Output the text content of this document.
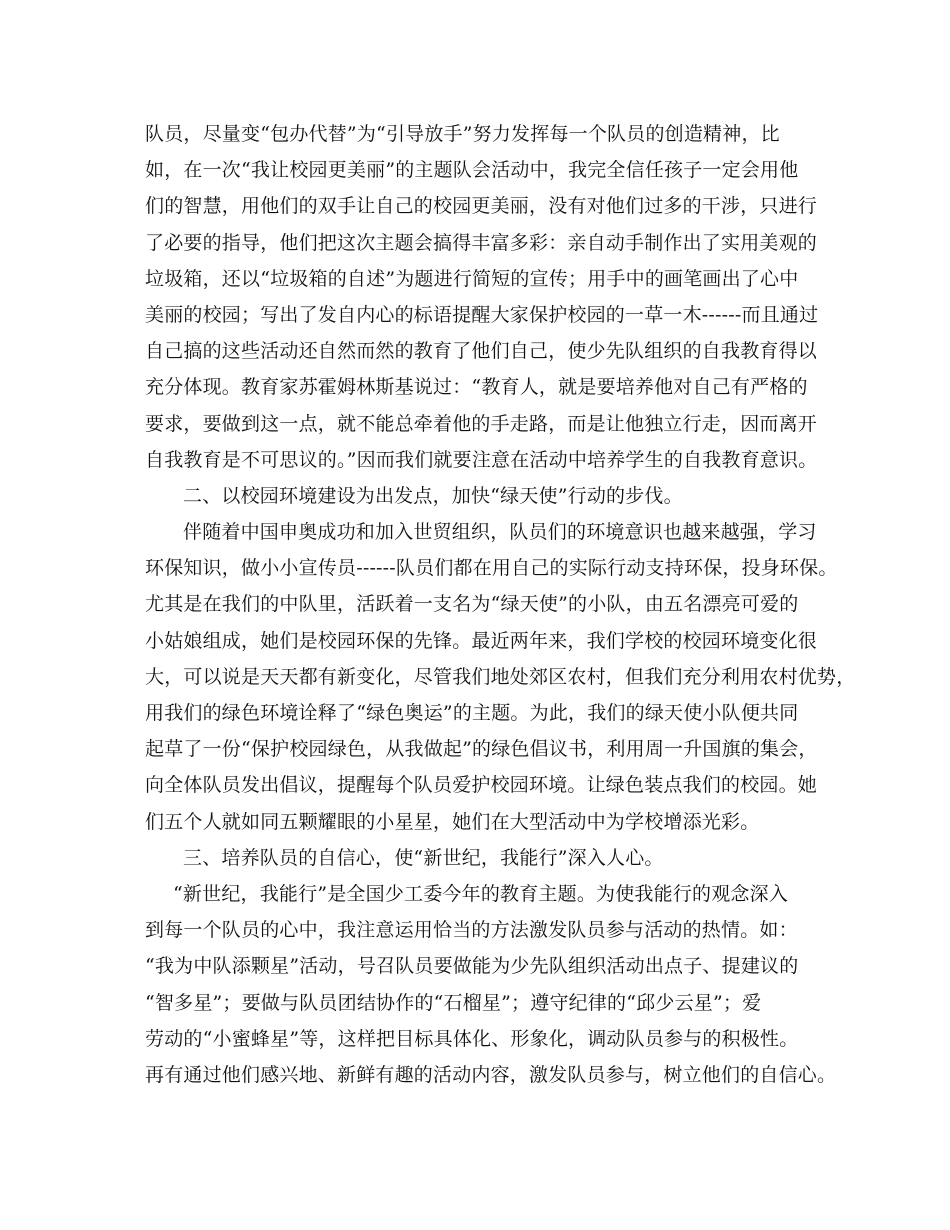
队员，尽量变“包办代替”为“引导放手”努力发挥每一个队员的创造精神，比
如，在一次“我让校园更美丽”的主题队会活动中，我完全信任孩子一定会用他
们的智慧，用他们的双手让自己的校园更美丽，没有对他们过多的干涉，只进行
了必要的指导，他们把这次主题会搞得丰富多彩：亲自动手制作出了实用美观的
垃圾箱，还以“垃圾箱的自述”为题进行简短的宣传；用手中的画笔画出了心中
美丽的校园；写出了发自内心的标语提醒大家保护校园的一草一木------而且通过
自己搞的这些活动还自然而然的教育了他们自己，使少先队组织的自我教育得以
充分体现。教育家苏霍姆林斯基说过：“教育人，就是要培养他对自己有严格的
要求，要做到这一点，就不能总牵着他的手走路，而是让他独立行走，因而离开
自我教育是不可思议的。”因而我们就要注意在活动中培养学生的自我教育意识。
二、以校园环境建设为出发点，加快“绿天使”行动的步伐。
伴随着中国申奥成功和加入世贸组织，队员们的环境意识也越来越强，学习
环保知识，做小小宣传员------队员们都在用自己的实际行动支持环保，投身环保。
尤其是在我们的中队里，活跃着一支名为“绿天使”的小队，由五名漂亮可爱的
小姑娘组成，她们是校园环保的先锋。最近两年来，我们学校的校园环境变化很
大，可以说是天天都有新变化，尽管我们地处郊区农村，但我们充分利用农村优势，
用我们的绿色环境诠释了“绿色奥运”的主题。为此，我们的绿天使小队便共同
起草了一份“保护校园绿色，从我做起”的绿色倡议书，利用周一升国旗的集会，
向全体队员发出倡议，提醒每个队员爱护校园环境。让绿色装点我们的校园。她
们五个人就如同五颗耀眼的小星星，她们在大型活动中为学校增添光彩。
三、培养队员的自信心，使“新世纪，我能行”深入人心。
“新世纪，我能行”是全国少工委今年的教育主题。为使我能行的观念深入
到每一个队员的心中，我注意运用恰当的方法激发队员参与活动的热情。如：
“我为中队添颗星”活动，号召队员要做能为少先队组织活动出点子、提建议的
“智多星”；要做与队员团结协作的“石榴星”；遵守纪律的“邱少云星”；爱
劳动的“小蜜蜂星”等，这样把目标具体化、形象化，调动队员参与的积极性。
再有通过他们感兴地、新鲜有趣的活动内容，激发队员参与，树立他们的自信心。
